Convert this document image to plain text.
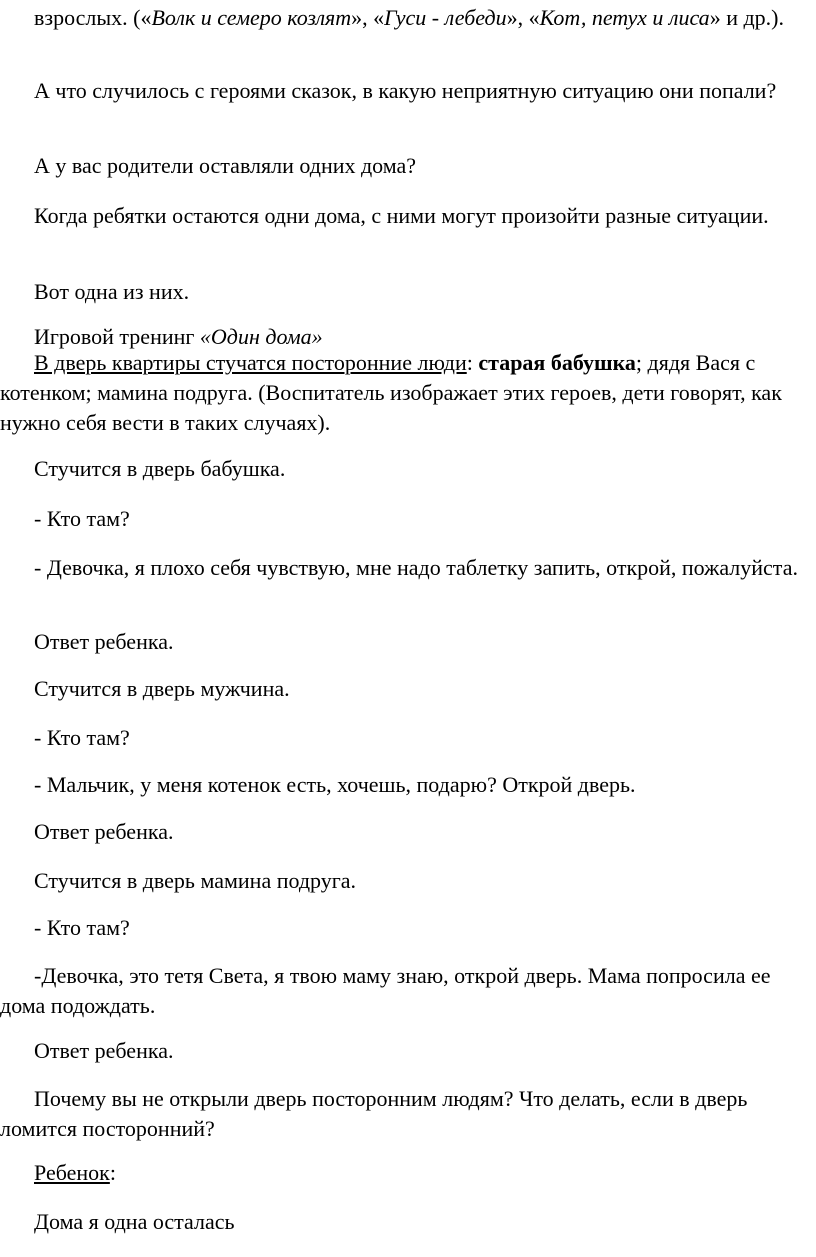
взрослых. («Волк и семеро козлят», «Гуси - лебеди», «Кот, петух и лиса» и др.).

А что случилось с героями сказок, в какую неприятную ситуацию они попали?

А у вас родители оставляли одних дома?

Когда ребятки остаются одни дома, с ними могут произойти разные ситуации.

Вот одна из них.

Игровой тренинг «Один дома»

В дверь квартиры стучатся посторонние люди: старая бабушка; дядя Вася с котенком; мамина подруга. (Воспитатель изображает этих героев, дети говорят, как нужно себя вести в таких случаях).

Стучится в дверь бабушка.

- Кто там?

- Девочка, я плохо себя чувствую, мне надо таблетку запить, открой, пожалуйста.

Ответ ребенка.

Стучится в дверь мужчина.

- Кто там?

- Мальчик, у меня котенок есть, хочешь, подарю? Открой дверь.

Ответ ребенка.

Стучится в дверь мамина подруга.

- Кто там?

-Девочка, это тетя Света, я твою маму знаю, открой дверь. Мама попросила ее дома подождать.

Ответ ребенка.

Почему вы не открыли дверь посторонним людям? Что делать, если в дверь ломится посторонний?

Ребенок:

Дома я одна осталась
